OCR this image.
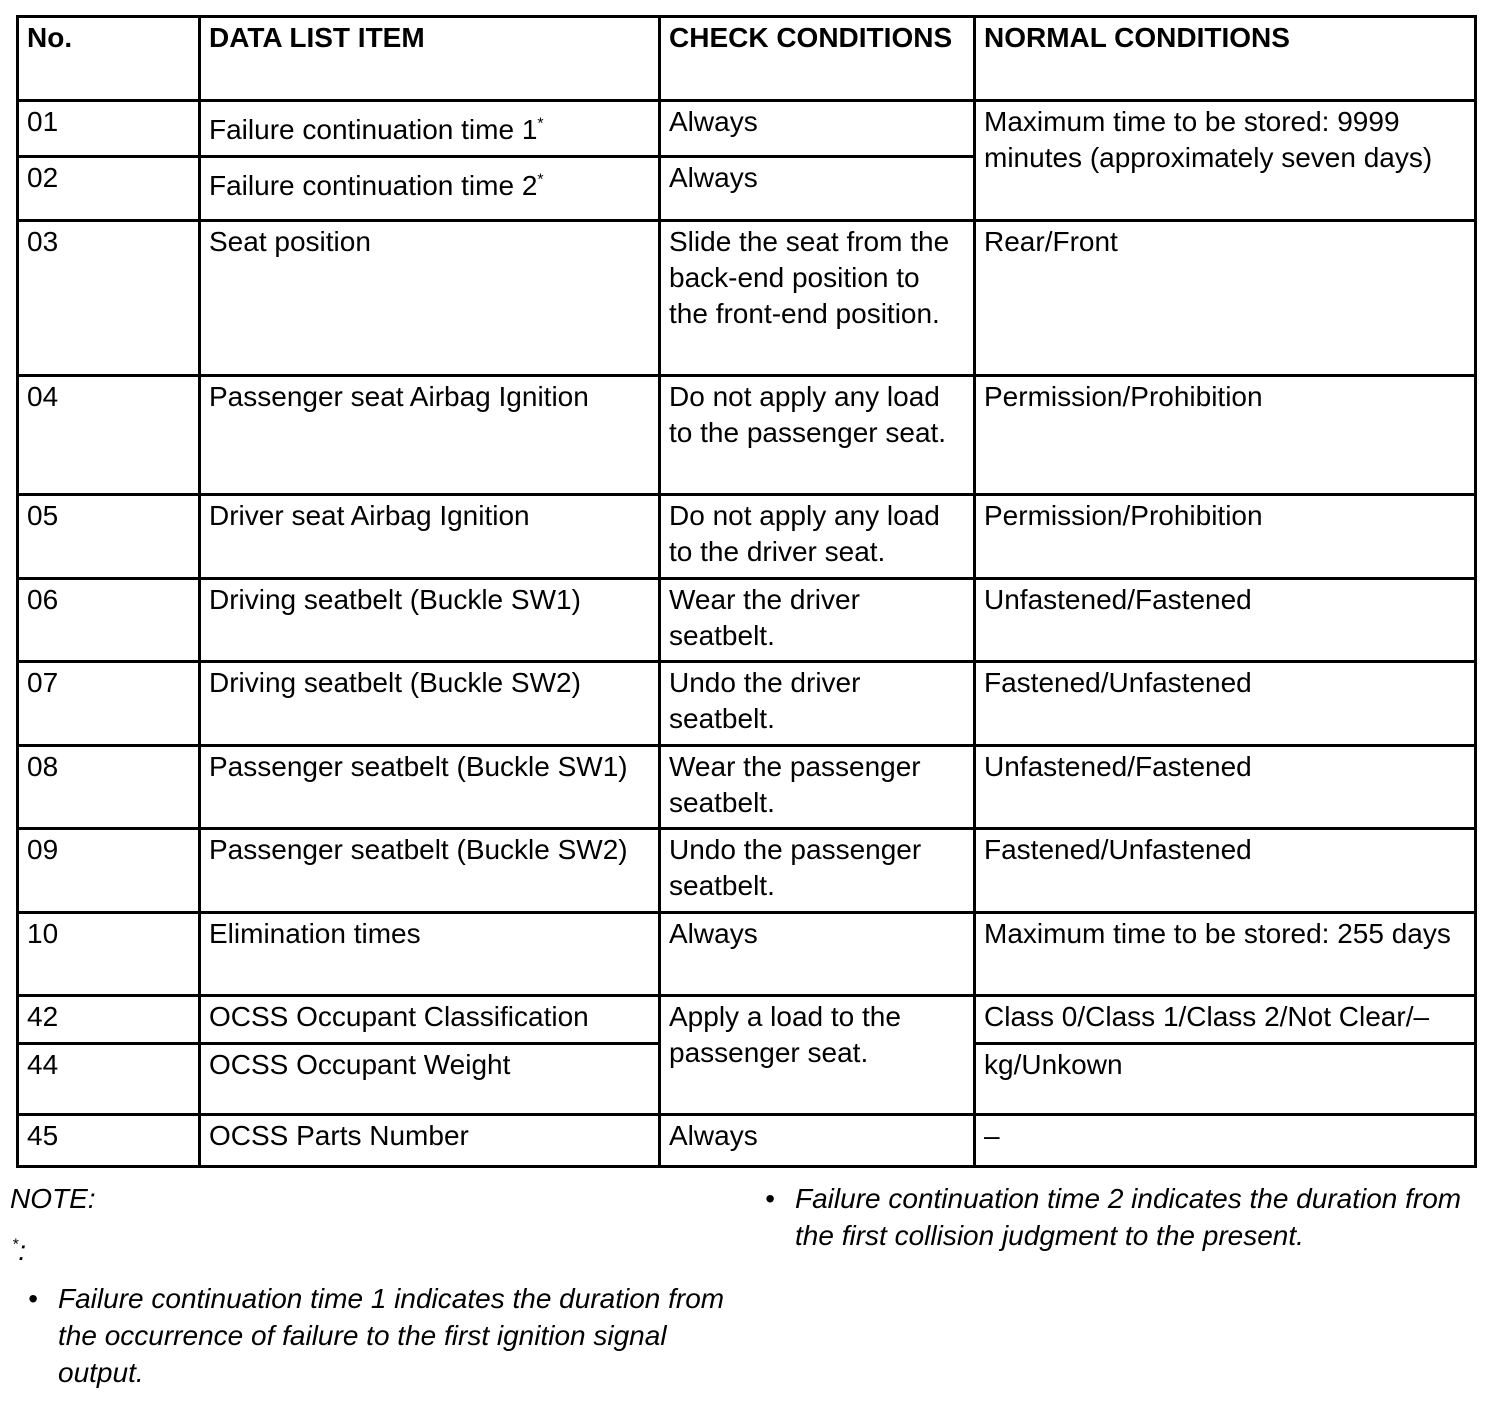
No.	DATA LIST ITEM	CHECK CONDITIONS	NORMAL CONDITIONS
01	Failure continuation time 1*	Always	Maximum time to be stored: 9999 minutes (approximately seven days)
02	Failure continuation time 2*	Always	
03	Seat position	Slide the seat from the back-end position to the front-end position.	Rear/Front
04	Passenger seat Airbag Ignition	Do not apply any load to the passenger seat.	Permission/Prohibition
05	Driver seat Airbag Ignition	Do not apply any load to the driver seat.	Permission/Prohibition
06	Driving seatbelt (Buckle SW1)	Wear the driver seatbelt.	Unfastened/Fastened
07	Driving seatbelt (Buckle SW2)	Undo the driver seatbelt.	Fastened/Unfastened
08	Passenger seatbelt (Buckle SW1)	Wear the passenger seatbelt.	Unfastened/Fastened
09	Passenger seatbelt (Buckle SW2)	Undo the passenger seatbelt.	Fastened/Unfastened
10	Elimination times	Always	Maximum time to be stored: 255 days
42	OCSS Occupant Classification	Apply a load to the passenger seat.	Class 0/Class 1/Class 2/Not Clear/–
44	OCSS Occupant Weight		kg/Unkown
45	OCSS Parts Number	Always	–
NOTE:
*:
• Failure continuation time 1 indicates the duration from the occurrence of failure to the first ignition signal output.
• Failure continuation time 2 indicates the duration from the first collision judgment to the present.
